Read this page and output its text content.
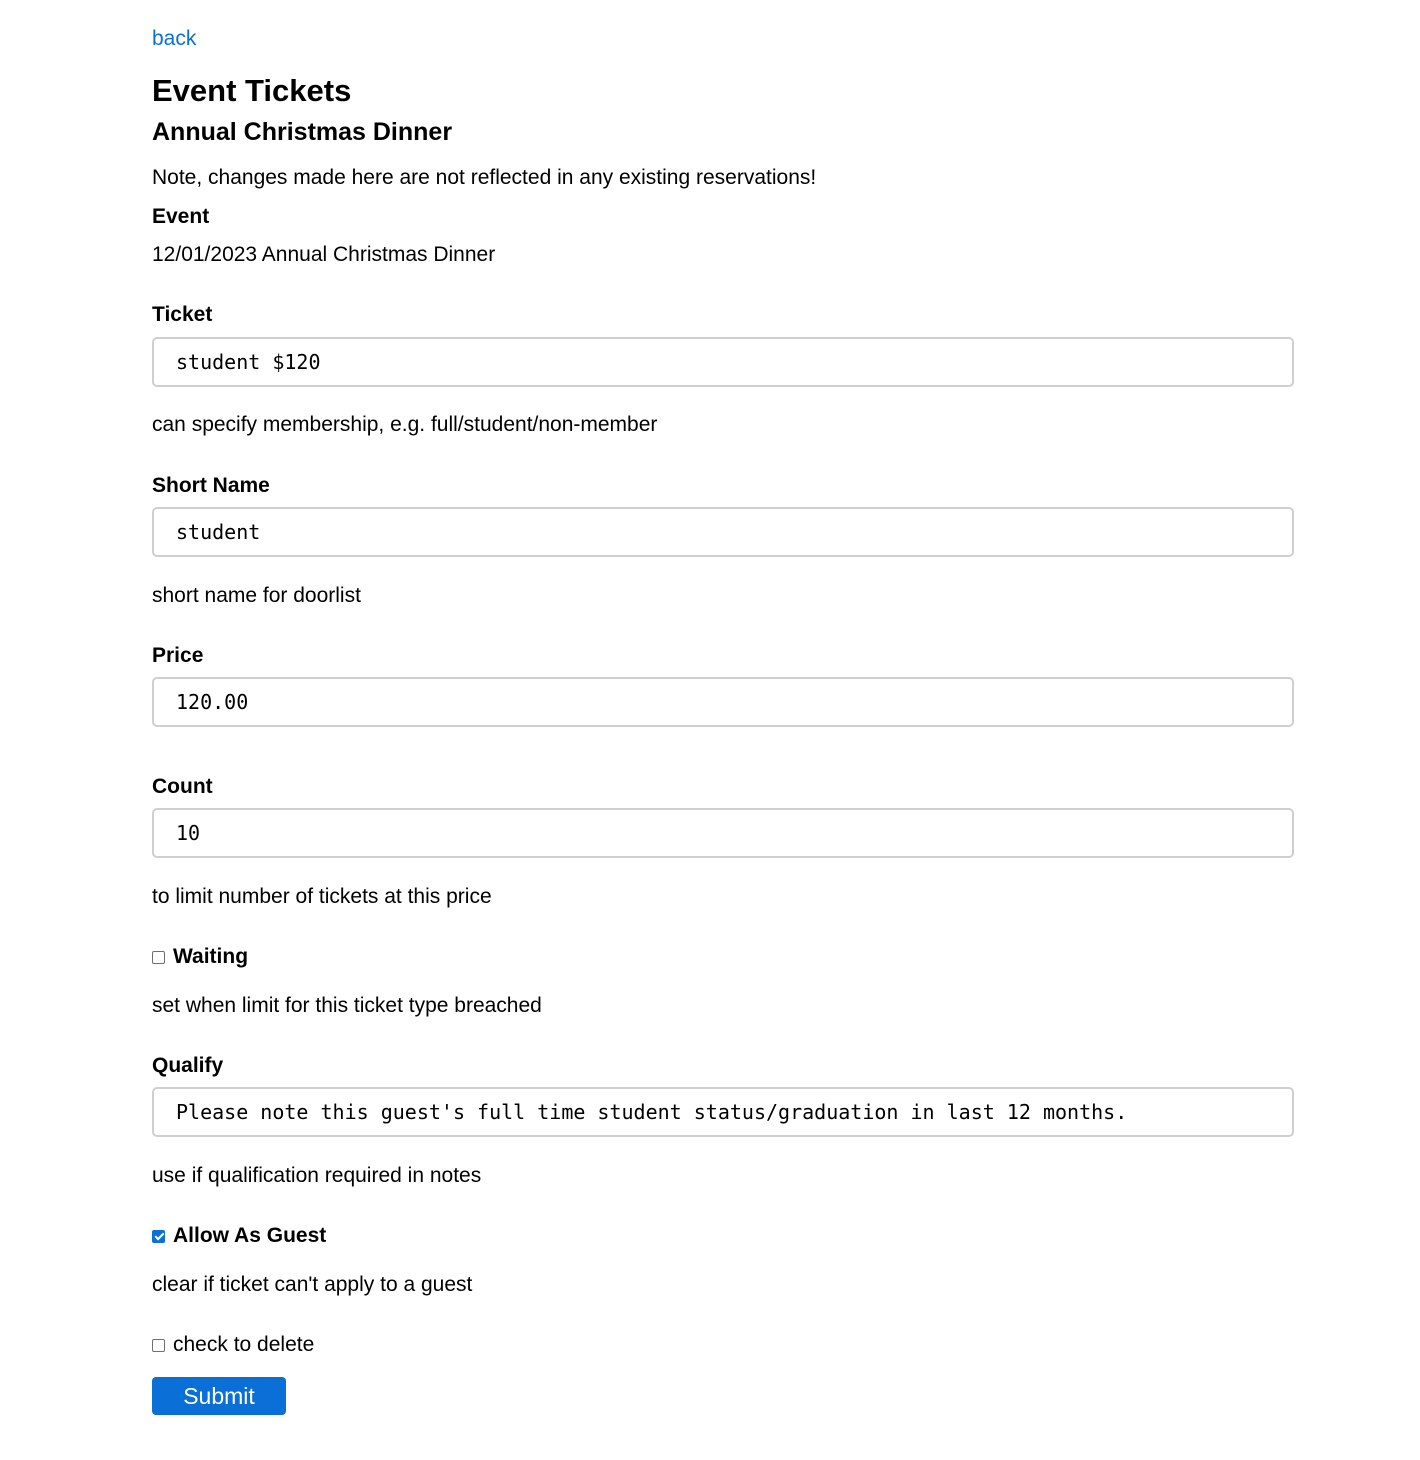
back
Event Tickets
Annual Christmas Dinner
Note, changes made here are not reflected in any existing reservations!
Event
12/01/2023 Annual Christmas Dinner
Ticket
student $120
can specify membership, e.g. full/student/non-member
Short Name
student
short name for doorlist
Price
120.00
Count
10
to limit number of tickets at this price
Waiting
set when limit for this ticket type breached
Qualify
Please note this guest's full time student status/graduation in last 12 months.
use if qualification required in notes
Allow As Guest
clear if ticket can't apply to a guest
check to delete
Submit
